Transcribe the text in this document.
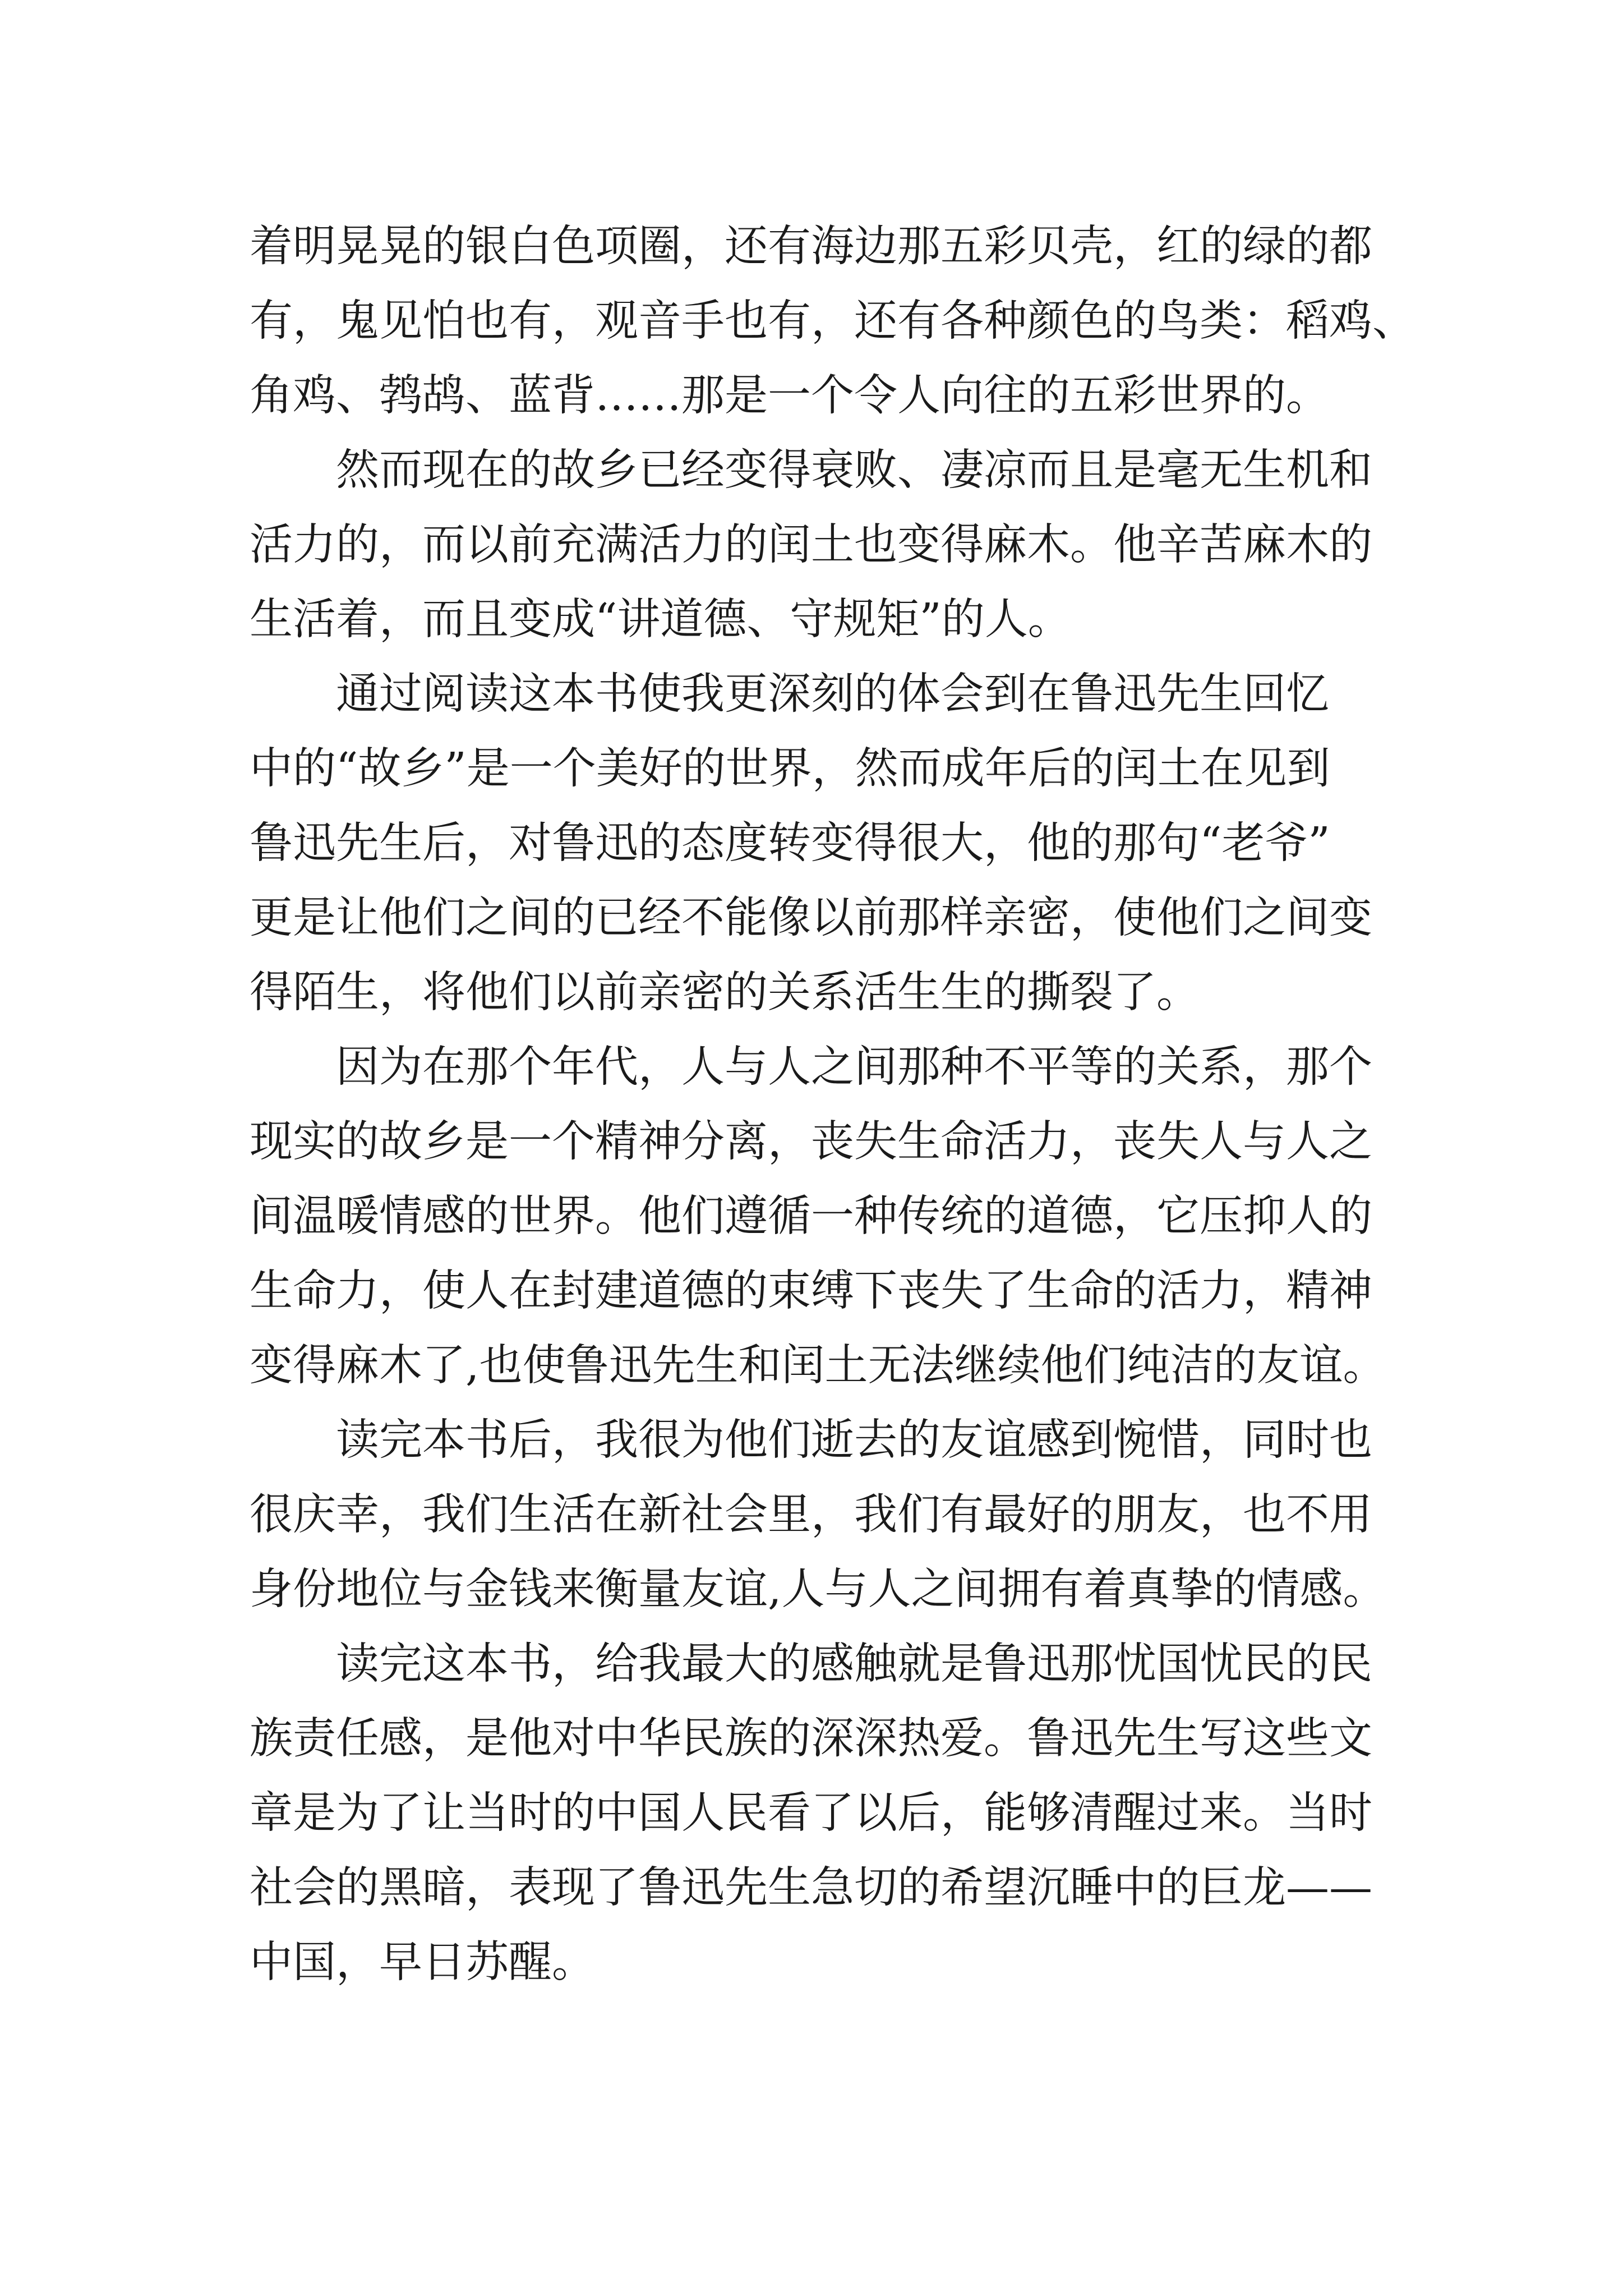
着明晃晃的银白色项圈，还有海边那五彩贝壳，红的绿的都
有，鬼见怕也有，观音手也有，还有各种颜色的鸟类：稻鸡、
角鸡、鹁鸪、蓝背……那是一个令人向往的五彩世界的。
然而现在的故乡已经变得衰败、凄凉而且是毫无生机和
活力的，而以前充满活力的闰土也变得麻木。他辛苦麻木的
生活着，而且变成“讲道德、守规矩”的人。
通过阅读这本书使我更深刻的体会到在鲁迅先生回忆
中的“故乡”是一个美好的世界，然而成年后的闰土在见到
鲁迅先生后，对鲁迅的态度转变得很大，他的那句“老爷”
更是让他们之间的已经不能像以前那样亲密，使他们之间变
得陌生，将他们以前亲密的关系活生生的撕裂了。
因为在那个年代，人与人之间那种不平等的关系，那个
现实的故乡是一个精神分离，丧失生命活力，丧失人与人之
间温暖情感的世界。他们遵循一种传统的道德，它压抑人的
生命力，使人在封建道德的束缚下丧失了生命的活力，精神
变得麻木了,也使鲁迅先生和闰土无法继续他们纯洁的友谊。
读完本书后，我很为他们逝去的友谊感到惋惜，同时也
很庆幸，我们生活在新社会里，我们有最好的朋友，也不用
身份地位与金钱来衡量友谊,人与人之间拥有着真挚的情感。
读完这本书，给我最大的感触就是鲁迅那忧国忧民的民
族责任感，是他对中华民族的深深热爱。鲁迅先生写这些文
章是为了让当时的中国人民看了以后，能够清醒过来。当时
社会的黑暗，表现了鲁迅先生急切的希望沉睡中的巨龙——
中国，早日苏醒。
